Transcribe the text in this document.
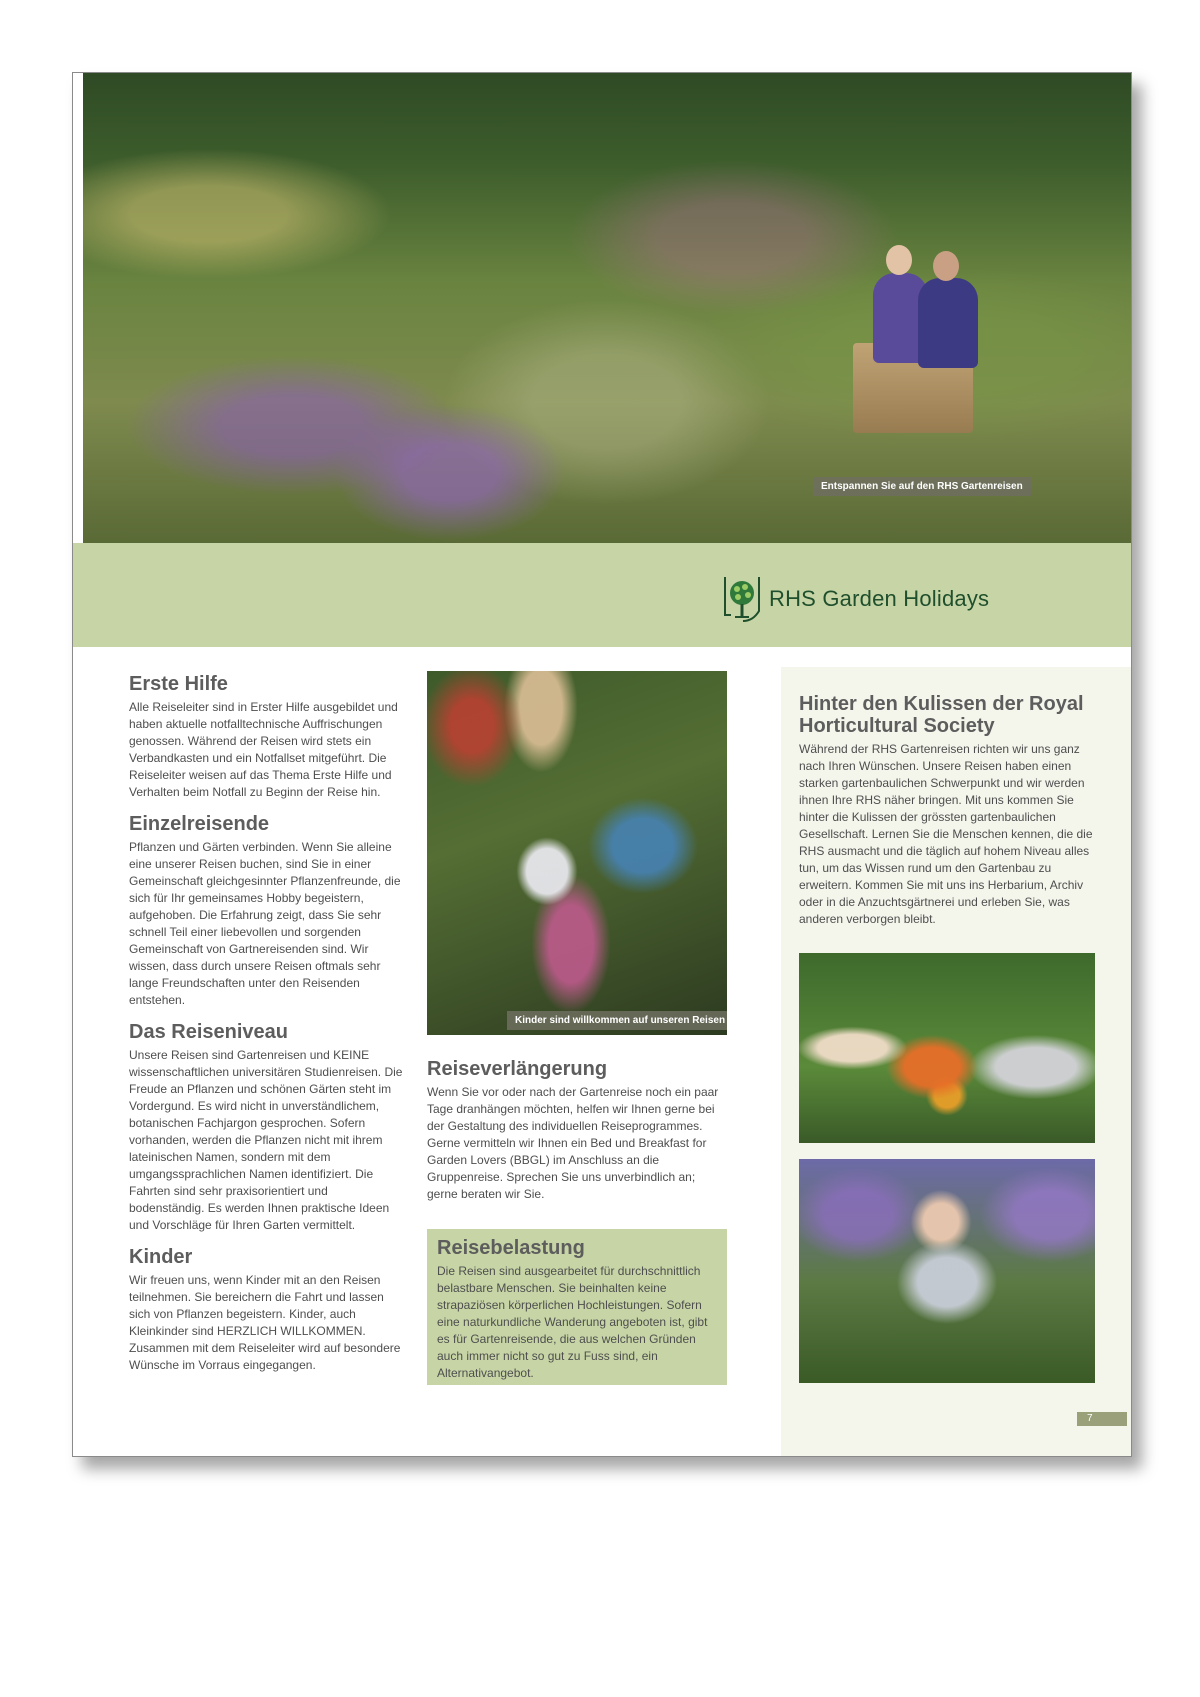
Entspannen Sie auf den RHS Gartenreisen
RHS Garden Holidays
Erste Hilfe

Alle Reiseleiter sind in Erster Hilfe ausgebildet und haben aktuelle notfalltechnische Auffrischungen genossen. Während der Reisen wird stets ein Verbandkasten und ein Notfallset mitgeführt. Die Reiseleiter weisen auf das Thema Erste Hilfe und Verhalten beim Notfall zu Beginn der Reise hin.

Einzelreisende

Pflanzen und Gärten verbinden. Wenn Sie alleine eine unserer Reisen buchen, sind Sie in einer Gemeinschaft gleichgesinnter Pflanzenfreunde, die sich für Ihr gemeinsames Hobby begeistern, aufgehoben. Die Erfahrung zeigt, dass Sie sehr schnell Teil einer liebevollen und sorgenden Gemeinschaft von Gartnereisenden sind. Wir wissen, dass durch unsere Reisen oftmals sehr lange Freundschaften unter den Reisenden entstehen.

Das Reiseniveau

Unsere Reisen sind Gartenreisen und KEINE wissenschaftlichen universitären Studienreisen. Die Freude an Pflanzen und schönen Gärten steht im Vordergund. Es wird nicht in unverständlichem, botanischen Fachjargon gesprochen. Sofern vorhanden, werden die Pflanzen nicht mit ihrem lateinischen Namen, sondern mit dem umgangssprachlichen Namen identifiziert. Die Fahrten sind sehr praxisorientiert und bodenständig. Es werden Ihnen praktische Ideen und Vorschläge für Ihren Garten vermittelt.

Kinder

Wir freuen uns, wenn Kinder mit an den Reisen teilnehmen. Sie bereichern die Fahrt und lassen sich von Pflanzen begeistern. Kinder, auch Kleinkinder sind HERZLICH WILLKOMMEN. Zusammen mit dem Reiseleiter wird auf besondere Wünsche im Vorraus eingegangen.

Kinder sind willkommen auf unseren Reisen
Reiseverlängerung

Wenn Sie vor oder nach der Gartenreise noch ein paar Tage dranhängen möchten, helfen wir Ihnen gerne bei der Gestaltung des individuellen Reiseprogrammes. Gerne vermitteln wir Ihnen ein Bed und Breakfast for Garden Lovers (BBGL) im Anschluss an die Gruppenreise. Sprechen Sie uns unverbindlich an; gerne beraten wir Sie.

Reisebelastung

Die Reisen sind ausgearbeitet für durchschnittlich belastbare Menschen. Sie beinhalten keine strapaziösen körperlichen Hochleistungen. Sofern eine naturkundliche Wanderung angeboten ist, gibt es für Gartenreisende, die aus welchen Gründen auch immer nicht so gut zu Fuss sind, ein Alternativangebot.

Hinter den Kulissen der Royal Horticultural Society

Während der RHS Gartenreisen richten wir uns ganz nach Ihren Wünschen. Unsere Reisen haben einen starken gartenbaulichen Schwerpunkt und wir werden ihnen Ihre RHS näher bringen. Mit uns kommen Sie hinter die Kulissen der grössten gartenbaulichen Gesellschaft. Lernen Sie die Menschen kennen, die die RHS ausmacht und die täglich auf hohem Niveau alles tun, um das Wissen rund um den Gartenbau zu erweitern. Kommen Sie mit uns ins Herbarium, Archiv oder in die Anzuchtsgärtnerei und erleben Sie, was anderen verborgen bleibt.

7
